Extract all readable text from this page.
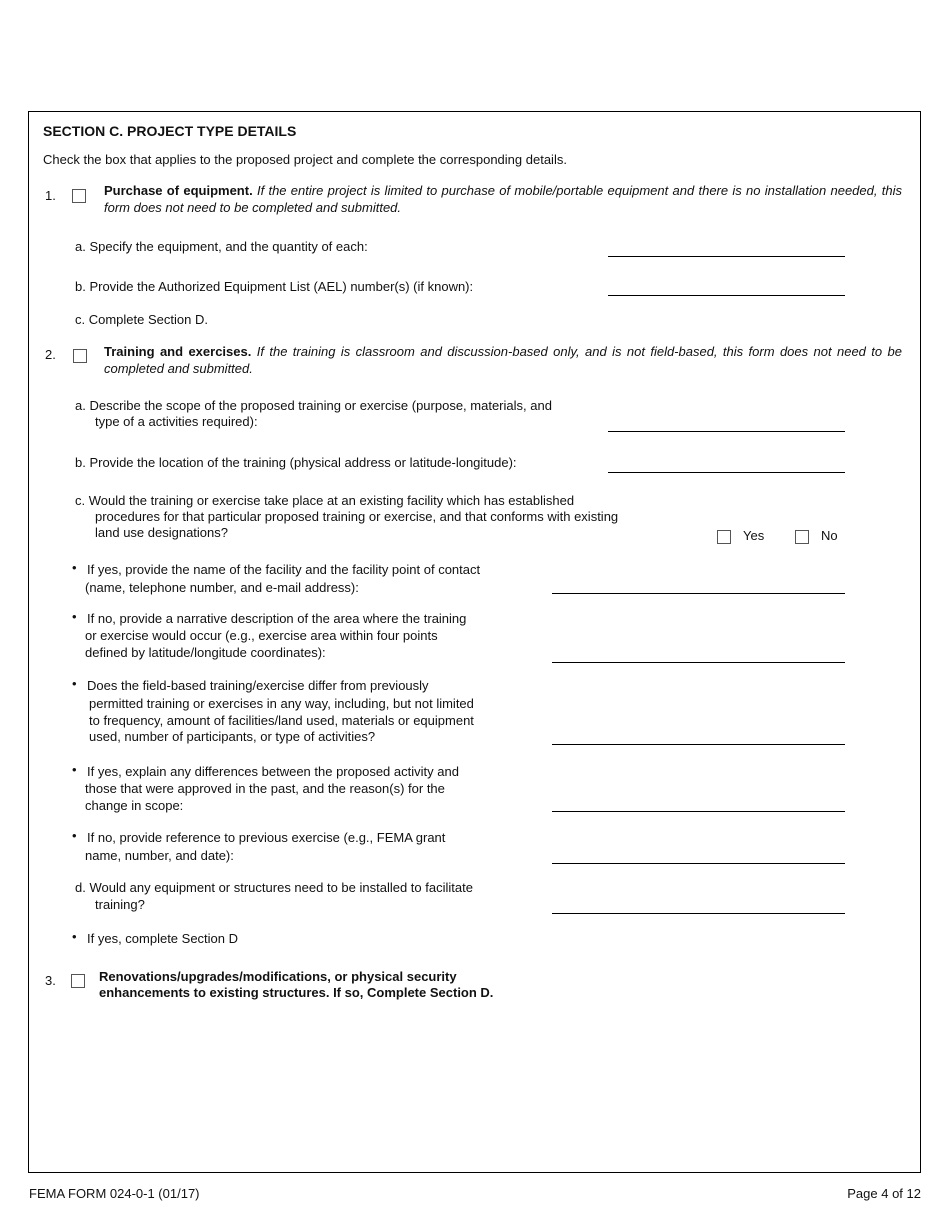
SECTION C. PROJECT TYPE DETAILS
Check the box that applies to the proposed project and complete the corresponding details.
1.	Purchase of equipment. If the entire project is limited to purchase of mobile/portable equipment and there is no installation needed, this form does not need to be completed and submitted.
a. Specify the equipment, and the quantity of each:
b. Provide the Authorized Equipment List (AEL) number(s) (if known):
c. Complete Section D.
2.	Training and exercises. If the training is classroom and discussion-based only, and is not field-based, this form does not need to be completed and submitted.
a. Describe the scope of the proposed training or exercise (purpose, materials, and
type of a activities required):
b. Provide the location of the training (physical address or latitude-longitude):
c. Would the training or exercise take place at an existing facility which has established
procedures for that particular proposed training or exercise, and that conforms with existing
land use designations?	Yes	No
• If yes, provide the name of the facility and the facility point of contact
(name, telephone number, and e-mail address):
• If no, provide a narrative description of the area where the training
or exercise would occur (e.g., exercise area within four points
defined by latitude/longitude coordinates):
• Does the field-based training/exercise differ from previously
permitted training or exercises in any way, including, but not limited
to frequency, amount of facilities/land used, materials or equipment
used, number of participants, or type of activities?
• If yes, explain any differences between the proposed activity and
those that were approved in the past, and the reason(s) for the
change in scope:
• If no, provide reference to previous exercise (e.g., FEMA grant
name, number, and date):
d. Would any equipment or structures need to be installed to facilitate
training?
• If yes, complete Section D
3.	Renovations/upgrades/modifications, or physical security
enhancements to existing structures. If so, Complete Section D.
FEMA FORM 024-0-1 (01/17)	Page 4 of 12
